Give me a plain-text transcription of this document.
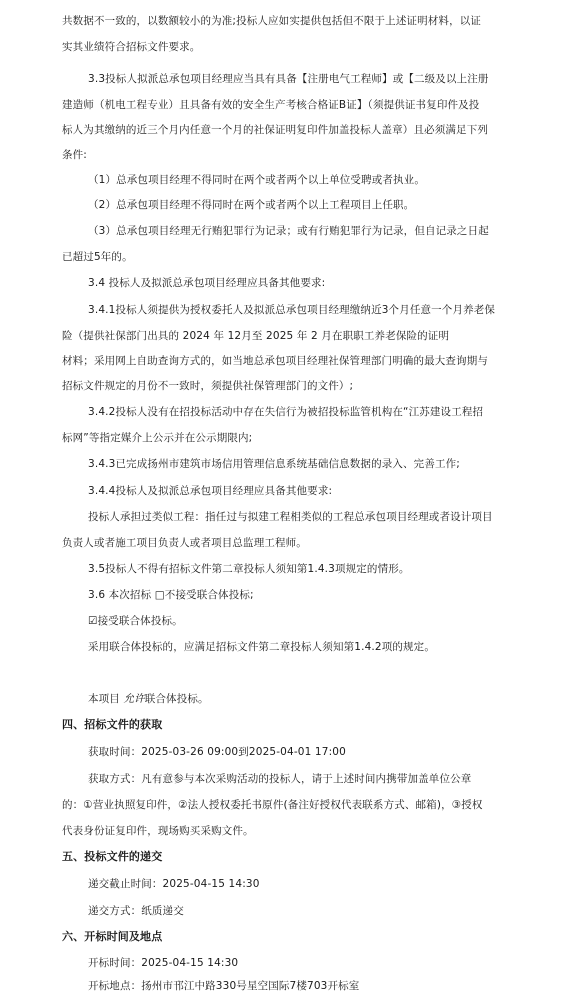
共数据不一致的，以数额较小的为准;投标人应如实提供包括但不限于上述证明材料，以证
实其业绩符合招标文件要求。
3.3投标人拟派总承包项目经理应当具有具备【注册电气工程师】或【二级及以上注册
建造师（机电工程专业）且具备有效的安全生产考核合格证B证】（须提供证书复印件及投
标人为其缴纳的近三个月内任意一个月的社保证明复印件加盖投标人盖章）且必须满足下列
条件:
（1）总承包项目经理不得同时在两个或者两个以上单位受聘或者执业。
（2）总承包项目经理不得同时在两个或者两个以上工程项目上任职。
（3）总承包项目经理无行贿犯罪行为记录；或有行贿犯罪行为记录，但自记录之日起
已超过5年的。
3.4 投标人及拟派总承包项目经理应具备其他要求:
3.4.1投标人须提供为授权委托人及拟派总承包项目经理缴纳近3个月任意一个月养老保
险（提供社保部门出具的 2024 年 12月至 2025 年 2 月在职职工养老保险的证明
材料；采用网上自助查询方式的，如当地总承包项目经理社保管理部门明确的最大查询期与
招标文件规定的月份不一致时，须提供社保管理部门的文件）;
3.4.2投标人没有在招投标活动中存在失信行为被招投标监管机构在“江苏建设工程招
标网”等指定媒介上公示并在公示期限内;
3.4.3已完成扬州市建筑市场信用管理信息系统基础信息数据的录入、完善工作;
3.4.4投标人及拟派总承包项目经理应具备其他要求:
投标人承担过类似工程：指任过与拟建工程相类似的工程总承包项目经理或者设计项目
负责人或者施工项目负责人或者项目总监理工程师。
3.5投标人不得有招标文件第二章投标人须知第1.4.3项规定的情形。
3.6 本次招标 □不接受联合体投标;
☑接受联合体投标。
采用联合体投标的，应满足招标文件第二章投标人须知第1.4.2项的规定。
本项目 允许联合体投标。
四、招标文件的获取
获取时间：2025-03-26 09:00到2025-04-01 17:00
获取方式：凡有意参与本次采购活动的投标人，请于上述时间内携带加盖单位公章
的：①营业执照复印件，②法人授权委托书原件(备注好授权代表联系方式、邮箱)，③授权
代表身份证复印件，现场购买采购文件。
五、投标文件的递交
递交截止时间：2025-04-15 14:30
递交方式：纸质递交
六、开标时间及地点
开标时间：2025-04-15 14:30
开标地点：扬州市邗江中路330号星空国际7楼703开标室
